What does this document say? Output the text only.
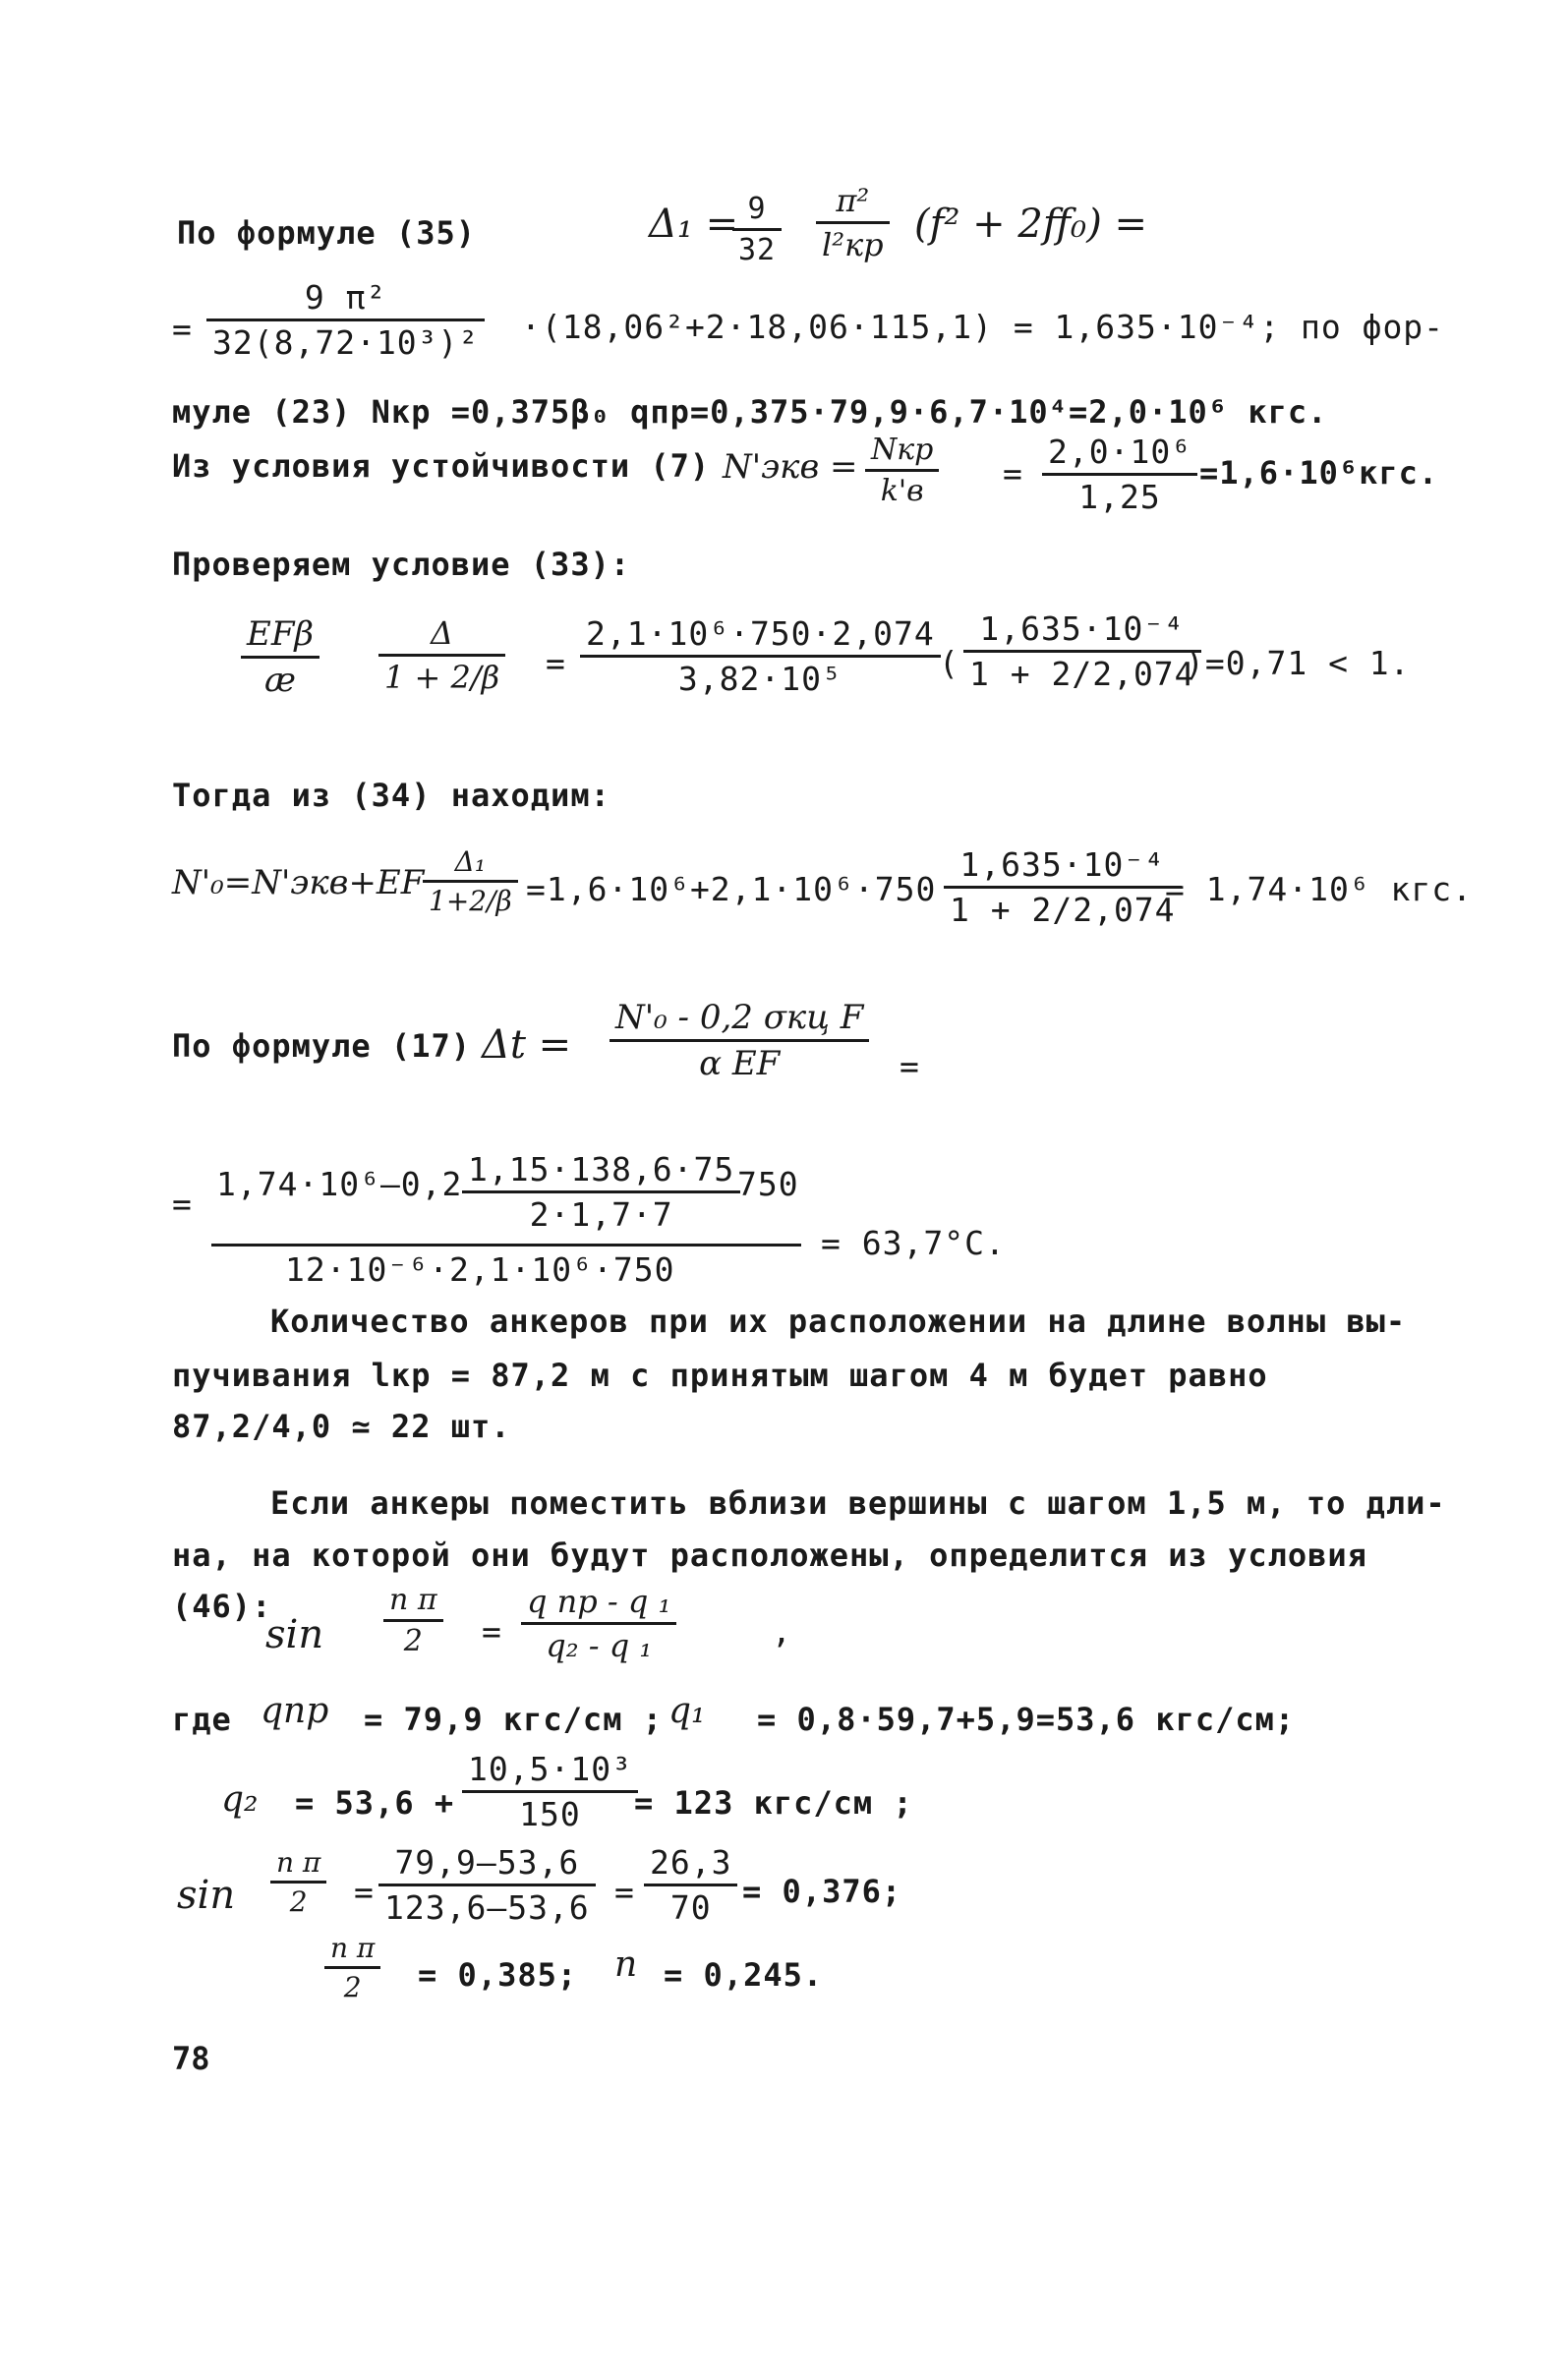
По формуле (35)	Δ₁ =
$\frac{9}{32}$	π²
l²кр (f² + 2ff₀) =
= $\frac{\text{9 π²}}{\text{32(8,72·10³)²}} \cdot(18,06^2+2\cdot 18,06\cdot 115,1) = 1,635\cdot 10^{-4}$; по фор-
муле (23) Nкр =0,375β₀ qпр=0,375·79,9·6,7·10⁴=2,0·10⁶ кгс.
Из условия устойчивости (7) N'экв = Nкр
k'в	= $\frac{\text{2,0·10⁶}}{1,25} =1,6\cdot 10^6кгс$.
Проверяем условие (33):
EFβ
æ	$\frac{\Delta}{1 + 2/\beta} = \frac{\text{2,1·10⁶·750·2,074}}{\text{3,82·10⁵}}$
( $\frac{\text{1,635·10⁻⁴}}{1 + 2/2,074}$
)=0,71 < 1.
Тогда из (34) находим:
N'₀=N'экв+EF
$\frac{\text{Δ₁}}{1+2/\beta} =1,6\cdot 10^6+2,1\cdot 10^6\cdot 750 \frac{\text{1,635·10⁻⁴}}{1 + 2/2,074}$
= 1,74·10⁶ кгс.
По формуле (17) Δt =
N'₀ - 0,2 σкц F
α EF	=
=
$1,74\cdot 10^6-0,2 \frac{1,15\cdot 138,6\cdot 75}{2\cdot 1,7\cdot 7}$
750
12·10⁻⁶·2,1·10⁶·750
= 63,7°C.
Количество анкеров при их расположении на длине волны вы-
пучивания lкр = 87,2 м с принятым шагом 4 м будет равно
87,2/4,0 ≃ 22 шт.
Если анкеры поместить вблизи вершины с шагом 1,5 м, то дли-
на, на которой они будут расположены, определится из условия
(46):
$\sin \frac{\text{n π}}{2}$ =
q пр - q ₁
q₂ - q ₁	,
где qпр = 79,9 кгс/см ; q₁ = 0,8·59,7+5,9=53,6 кгс/см;
$q_2 = 53,6 + \frac{\text{10,5·10³}}{150}$
= 123 кгс/см ;
$\sin \frac{\text{n π}}{2} = \frac{79,9-53,6}{123,6-53,6} = \frac{26,3}{70} = 0,376$;
$\frac{\text{n π}}{2} = 0,385$; n = 0,245.
78
